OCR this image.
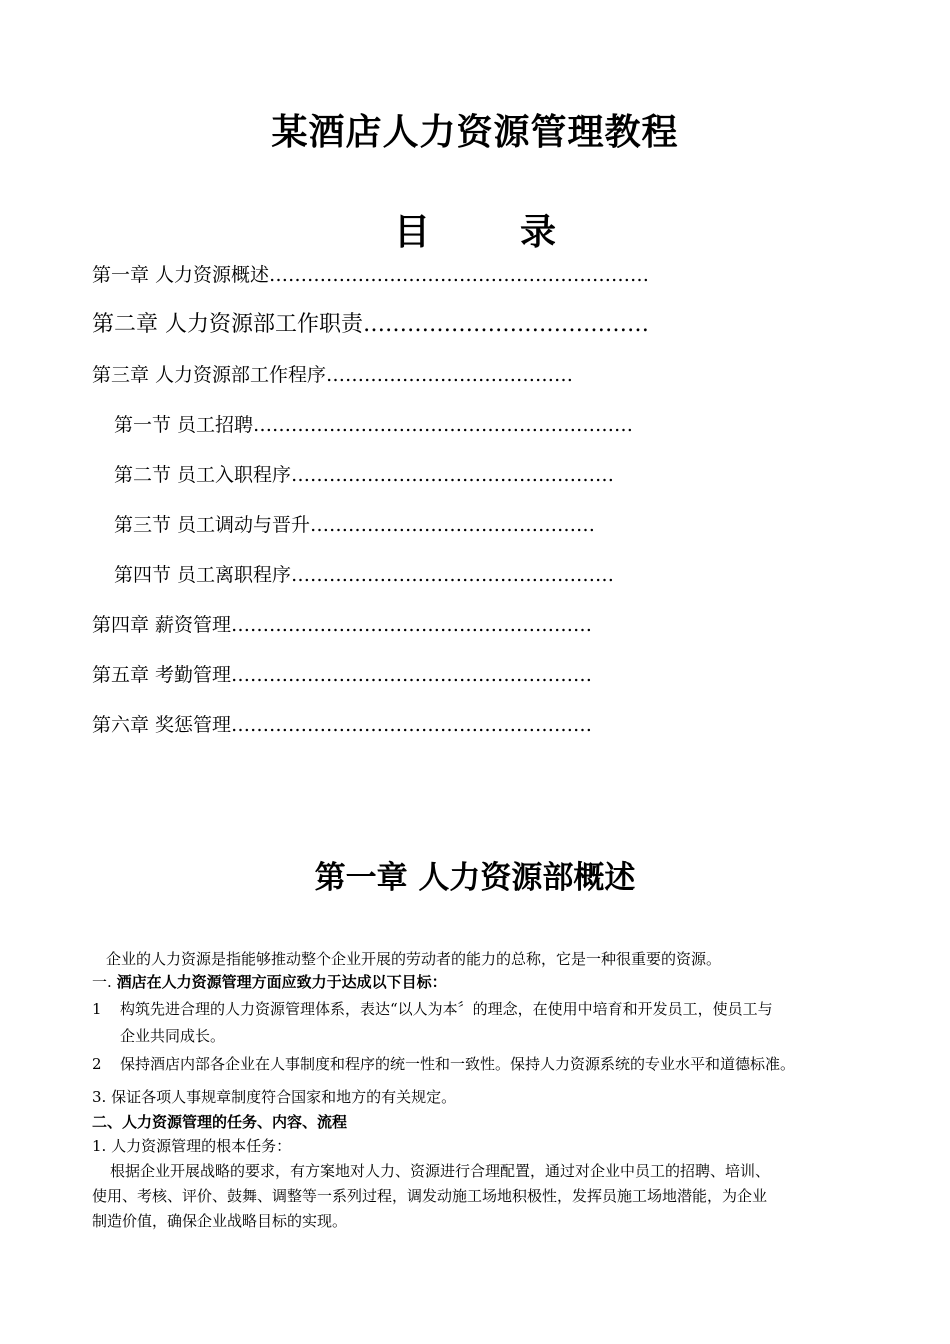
某酒店人力资源管理教程
目	录
第一章 人力资源概述……………………………………………………
第二章 人力资源部工作职责…………………………………
第三章 人力资源部工作程序…………………………………
第一节 员工招聘……………………………………………………
第二节 员工入职程序……………………………………………
第三节 员工调动与晋升………………………………………
第四节 员工离职程序……………………………………………
第四章 薪资管理…………………………………………………
第五章 考勤管理…………………………………………………
第六章 奖惩管理…………………………………………………
第一章 人力资源部概述
企业的人力资源是指能够推动整个企业开展的劳动者的能力的总称，它是一种很重要的资源。
一. 酒店在人力资源管理方面应致力于达成以下目标：
1 构筑先进合理的人力资源管理体系，表达“以人为本〞的理念，在使用中培育和开发员工，使员工与
企业共同成长。
2 保持酒店内部各企业在人事制度和程序的统一性和一致性。保持人力资源系统的专业水平和道德标准。
3. 保证各项人事规章制度符合国家和地方的有关规定。
二、人力资源管理的任务、内容、流程
1. 人力资源管理的根本任务：
根据企业开展战略的要求，有方案地对人力、资源进行合理配置，通过对企业中员工的招聘、培训、
使用、考核、评价、鼓舞、调整等一系列过程，调发动施工场地积极性，发挥员施工场地潜能，为企业
制造价值，确保企业战略目标的实现。
